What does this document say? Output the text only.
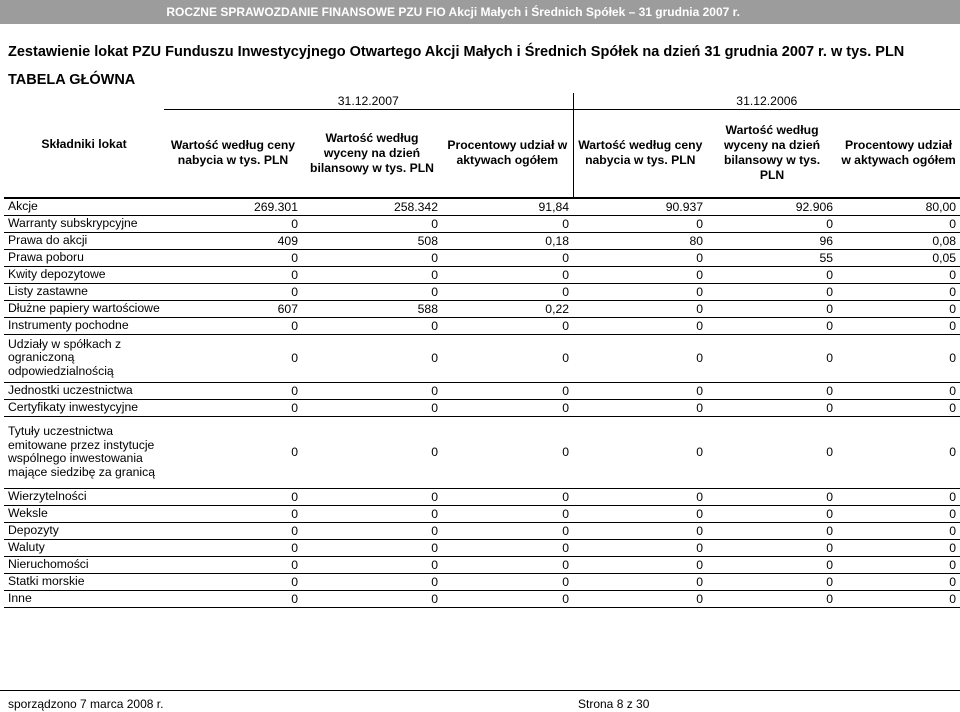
ROCZNE SPRAWOZDANIE FINANSOWE PZU FIO Akcji Małych i Średnich Spółek – 31 grudnia 2007 r.
Zestawienie lokat PZU Funduszu Inwestycyjnego Otwartego Akcji Małych i Średnich Spółek na dzień 31 grudnia 2007 r. w tys. PLN
TABELA GŁÓWNA
Składniki lokat	31.12.2007			31.12.2006		
	Wartość według ceny nabycia w tys. PLN	Wartość według wyceny na dzień bilansowy w tys. PLN	Procentowy udział w aktywach ogółem	Wartość według ceny nabycia w tys. PLN	Wartość według wyceny na dzień bilansowy w tys. PLN	Procentowy udział w aktywach ogółem
Akcje	269.301	258.342	91,84	90.937	92.906	80,00
Warranty subskrypcyjne	0	0	0	0	0	0
Prawa do akcji	409	508	0,18	80	96	0,08
Prawa poboru	0	0	0	0	55	0,05
Kwity depozytowe	0	0	0	0	0	0
Listy zastawne	0	0	0	0	0	0
Dłużne papiery wartościowe	607	588	0,22	0	0	0
Instrumenty pochodne	0	0	0	0	0	0
Udziały w spółkach z ograniczoną odpowiedzialnością	0	0	0	0	0	0
Jednostki uczestnictwa	0	0	0	0	0	0
Certyfikaty inwestycyjne	0	0	0	0	0	0
Tytuły uczestnictwa emitowane przez instytucje wspólnego inwestowania mające siedzibę za granicą	0	0	0	0	0	0
Wierzytelności	0	0	0	0	0	0
Weksle	0	0	0	0	0	0
Depozyty	0	0	0	0	0	0
Waluty	0	0	0	0	0	0
Nieruchomości	0	0	0	0	0	0
Statki morskie	0	0	0	0	0	0
Inne	0	0	0	0	0	0
sporządzono 7 marca 2008 r.	Strona 8 z 30
